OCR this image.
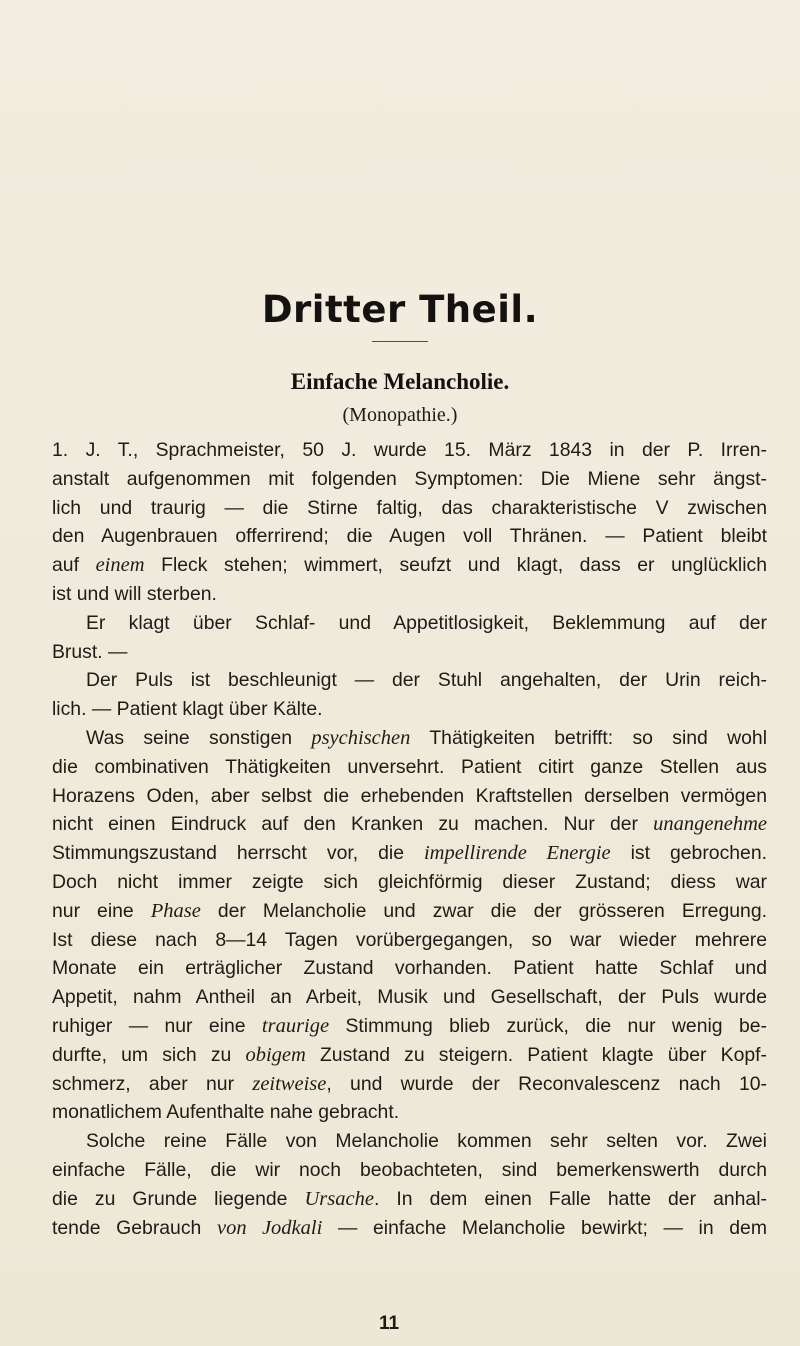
Dritter Theil.
Einfache Melancholie.
(Monopathie.)

1. J. T., Sprachmeister, 50 J. wurde 15. März 1843 in der P. Irren-

anstalt aufgenommen mit folgenden Symptomen: Die Miene sehr ängst-

lich und traurig — die Stirne faltig, das charakteristische V zwischen

den Augenbrauen offerrirend; die Augen voll Thränen. — Patient bleibt

auf einem Fleck stehen; wimmert, seufzt und klagt, dass er unglücklich

ist und will sterben.

Er klagt über Schlaf- und Appetitlosigkeit, Beklemmung auf der

Brust. —

Der Puls ist beschleunigt — der Stuhl angehalten, der Urin reich-

lich. — Patient klagt über Kälte.

Was seine sonstigen psychischen Thätigkeiten betrifft: so sind wohl

die combinativen Thätigkeiten unversehrt. Patient citirt ganze Stellen aus

Horazens Oden, aber selbst die erhebenden Kraftstellen derselben vermögen

nicht einen Eindruck auf den Kranken zu machen. Nur der unangenehme

Stimmungszustand herrscht vor, die impellirende Energie ist gebrochen.

Doch nicht immer zeigte sich gleichförmig dieser Zustand; diess war

nur eine Phase der Melancholie und zwar die der grösseren Erregung.

Ist diese nach 8—14 Tagen vorübergegangen, so war wieder mehrere

Monate ein erträglicher Zustand vorhanden. Patient hatte Schlaf und

Appetit, nahm Antheil an Arbeit, Musik und Gesellschaft, der Puls wurde

ruhiger — nur eine traurige Stimmung blieb zurück, die nur wenig be-

durfte, um sich zu obigem Zustand zu steigern. Patient klagte über Kopf-

schmerz, aber nur zeitweise, und wurde der Reconvalescenz nach 10-

monatlichem Aufenthalte nahe gebracht.

Solche reine Fälle von Melancholie kommen sehr selten vor. Zwei

einfache Fälle, die wir noch beobachteten, sind bemerkenswerth durch

die zu Grunde liegende Ursache. In dem einen Falle hatte der anhal-

tende Gebrauch von Jodkali — einfache Melancholie bewirkt; — in dem

11
